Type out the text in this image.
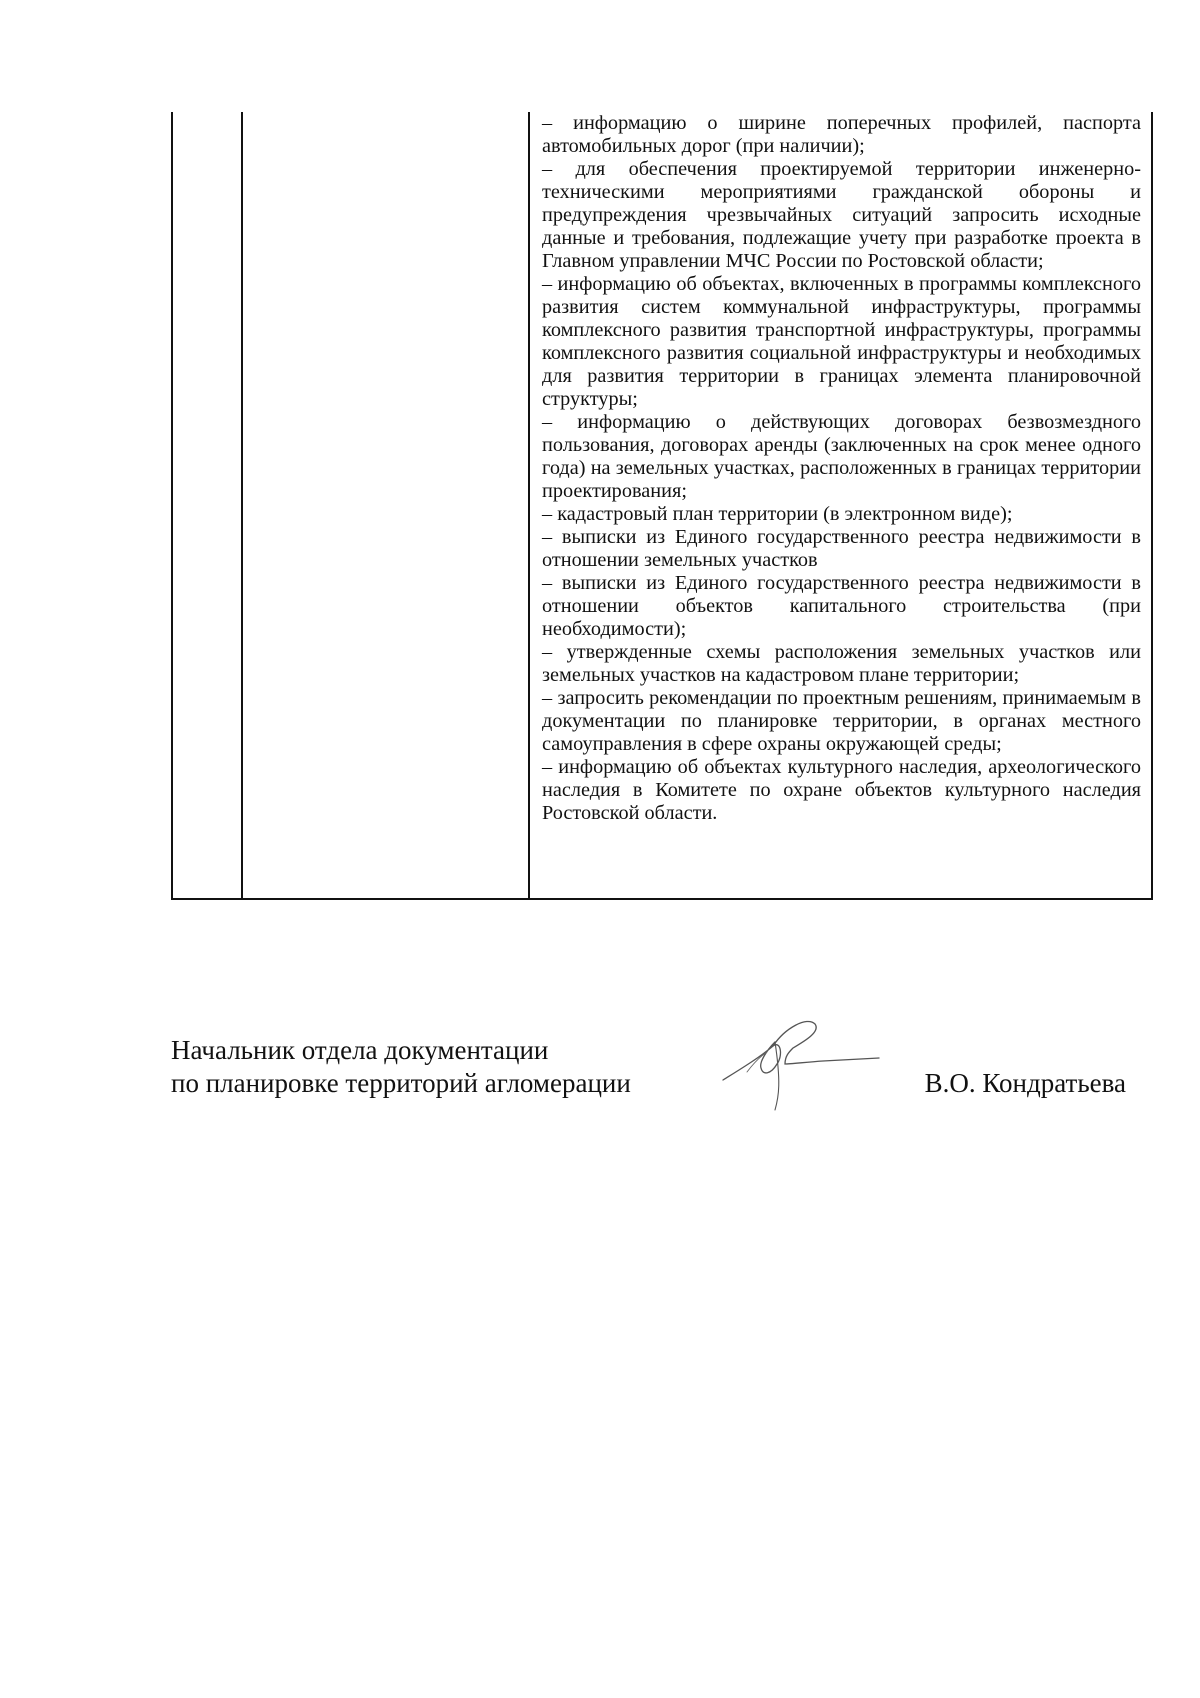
– информацию о ширине поперечных профилей, паспорта автомобильных дорог (при наличии);

– для обеспечения проектируемой территории инженерно-техническими мероприятиями гражданской обороны и предупреждения чрезвычайных ситуаций запросить исходные данные и требования, подлежащие учету при разработке проекта в Главном управлении МЧС России по Ростовской области;

– информацию об объектах, включенных в программы комплексного развития систем коммунальной инфраструктуры, программы комплексного развития транспортной инфраструктуры, программы комплексного развития социальной инфраструктуры и необходимых для развития территории в границах элемента планировочной структуры;

– информацию о действующих договорах безвозмездного пользования, договорах аренды (заключенных на срок менее одного года) на земельных участках, расположенных в границах территории проектирования;

– кадастровый план территории (в электронном виде);

– выписки из Единого государственного реестра недвижимости в отношении земельных участков

– выписки из Единого государственного реестра недвижимости в отношении объектов капитального строительства (при необходимости);

– утвержденные схемы расположения земельных участков или земельных участков на кадастровом плане территории;

– запросить рекомендации по проектным решениям, принимаемым в документации по планировке территории, в органах местного самоуправления в сфере охраны окружающей среды;

– информацию об объектах культурного наследия, археологического наследия в Комитете по охране объектов культурного наследия Ростовской области.

Начальник отдела документации
по планировке территорий агломерации	В.О. Кондратьева
